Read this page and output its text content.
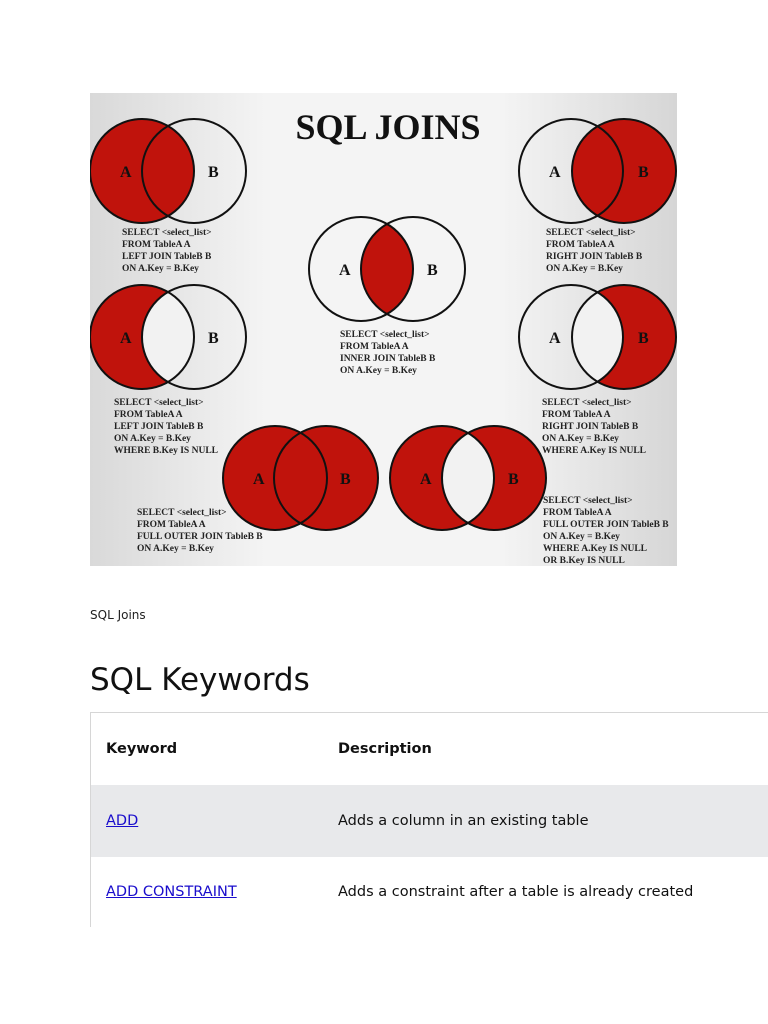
SQL JOINS
A	B
SELECT <select_list>
FROM TableA A
LEFT JOIN TableB B
ON A.Key = B.Key
A	B
SELECT <select_list>
FROM TableA A
RIGHT JOIN TableB B
ON A.Key = B.Key
A	B
SELECT <select_list>
FROM TableA A
INNER JOIN TableB B
ON A.Key = B.Key
A	B
SELECT <select_list>
FROM TableA A
LEFT JOIN TableB B
ON A.Key = B.Key
WHERE B.Key IS NULL
A	B
SELECT <select_list>
FROM TableA A
RIGHT JOIN TableB B
ON A.Key = B.Key
WHERE A.Key IS NULL
A	B
SELECT <select_list>
FROM TableA A
FULL OUTER JOIN TableB B
ON A.Key = B.Key
A	B
SELECT <select_list>
FROM TableA A
FULL OUTER JOIN TableB B
ON A.Key = B.Key
WHERE A.Key IS NULL
OR B.Key IS NULL
SQL Joins
SQL Keywords
Keyword	Description
ADD	Adds a column in an existing table
ADD CONSTRAINT	Adds a constraint after a table is already created
